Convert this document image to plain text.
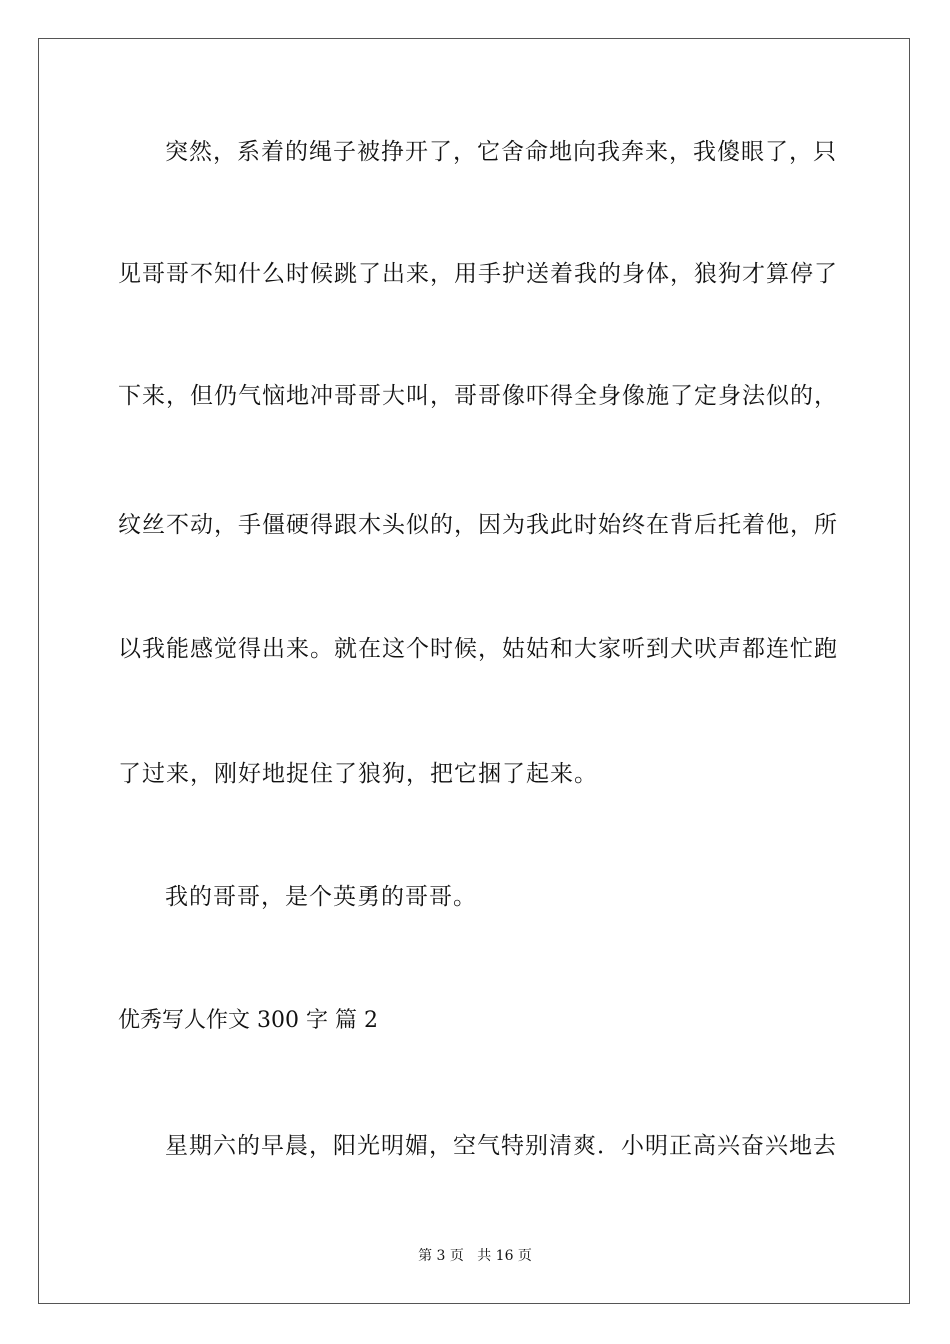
突然，系着的绳子被挣开了，它舍命地向我奔来，我傻眼了，只
见哥哥不知什么时候跳了出来，用手护送着我的身体，狼狗才算停了
下来，但仍气恼地冲哥哥大叫，哥哥像吓得全身像施了定身法似的，
纹丝不动，手僵硬得跟木头似的，因为我此时始终在背后托着他，所
以我能感觉得出来。就在这个时候，姑姑和大家听到犬吠声都连忙跑
了过来，刚好地捉住了狼狗，把它捆了起来。
我的哥哥，是个英勇的哥哥。
优秀写人作文 300 字 篇 2
星期六的早晨，阳光明媚，空气特别清爽．小明正高兴奋兴地去
第 3 页   共 16 页
